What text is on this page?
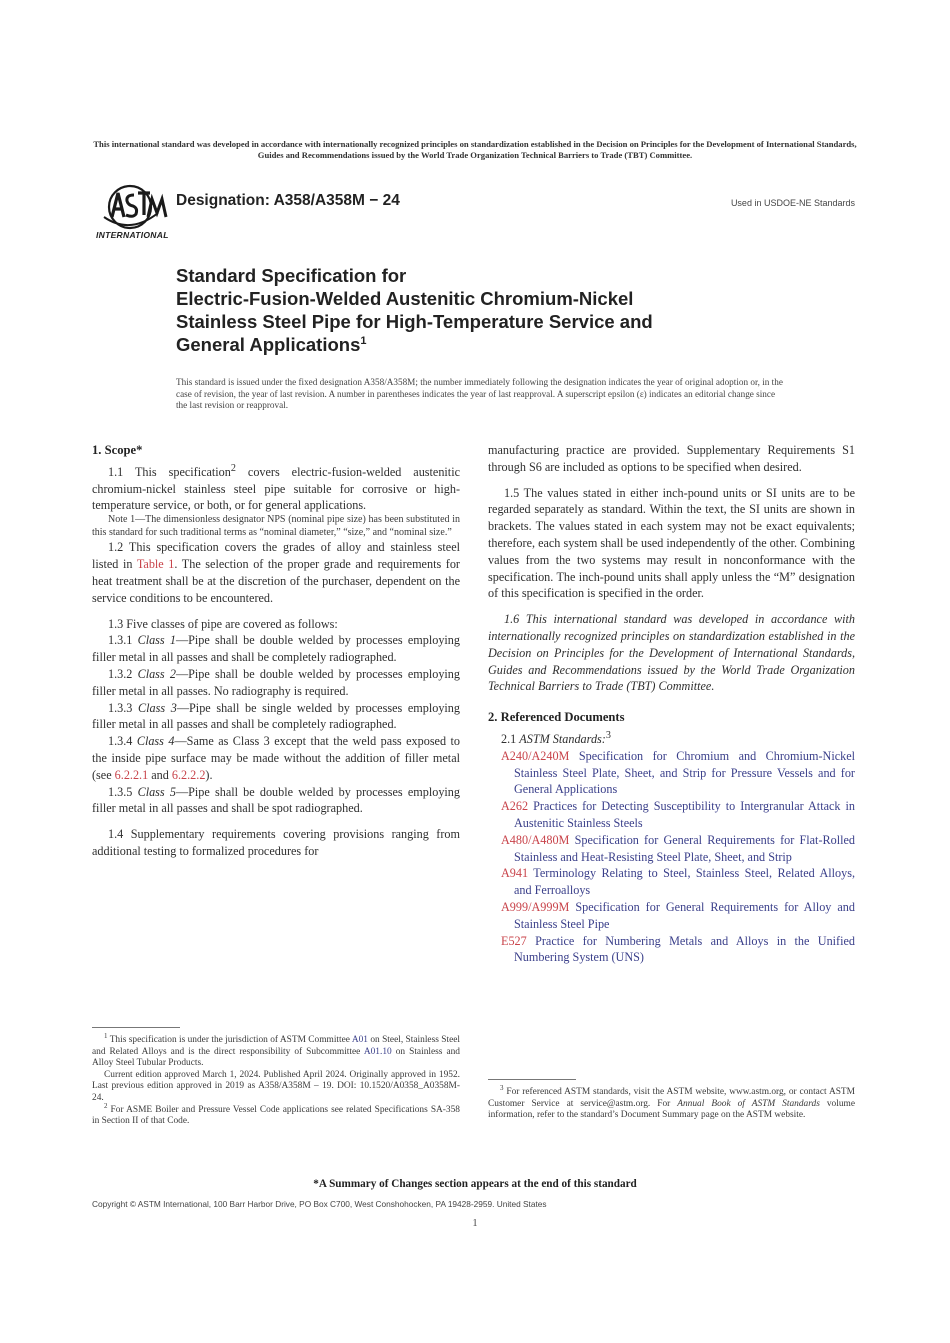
This international standard was developed in accordance with internationally recognized principles on standardization established in the Decision on Principles for the Development of International Standards, Guides and Recommendations issued by the World Trade Organization Technical Barriers to Trade (TBT) Committee.
INTERNATIONAL
Designation: A358/A358M − 24	Used in USDOE-NE Standards
Standard Specification for
Electric-Fusion-Welded Austenitic Chromium-Nickel
Stainless Steel Pipe for High-Temperature Service and
General Applications$^1$
This standard is issued under the fixed designation A358/A358M; the number immediately following the designation indicates the year of original adoption or, in the case of revision, the year of last revision. A number in parentheses indicates the year of last reapproval. A superscript epsilon (ε) indicates an editorial change since the last revision or reapproval.
1. Scope*

1.1 This specification$^2$ covers electric-fusion-welded austenitic chromium-nickel stainless steel pipe suitable for corrosive or high-temperature service, or both, or for general applications.

Note 1—The dimensionless designator NPS (nominal pipe size) has been substituted in this standard for such traditional terms as “nominal diameter,” “size,” and “nominal size.”

1.2 This specification covers the grades of alloy and stainless steel listed in Table 1. The selection of the proper grade and requirements for heat treatment shall be at the discretion of the purchaser, dependent on the service conditions to be encountered.

1.3 Five classes of pipe are covered as follows:

1.3.1 Class 1—Pipe shall be double welded by processes employing filler metal in all passes and shall be completely radiographed.

1.3.2 Class 2—Pipe shall be double welded by processes employing filler metal in all passes. No radiography is required.

1.3.3 Class 3—Pipe shall be single welded by processes employing filler metal in all passes and shall be completely radiographed.

1.3.4 Class 4—Same as Class 3 except that the weld pass exposed to the inside pipe surface may be made without the addition of filler metal (see 6.2.2.1 and 6.2.2.2).

1.3.5 Class 5—Pipe shall be double welded by processes employing filler metal in all passes and shall be spot radiographed.

1.4 Supplementary requirements covering provisions ranging from additional testing to formalized procedures for

manufacturing practice are provided. Supplementary Requirements S1 through S6 are included as options to be specified when desired.

1.5 The values stated in either inch-pound units or SI units are to be regarded separately as standard. Within the text, the SI units are shown in brackets. The values stated in each system may not be exact equivalents; therefore, each system shall be used independently of the other. Combining values from the two systems may result in nonconformance with the specification. The inch-pound units shall apply unless the “M” designation of this specification is specified in the order.

1.6 This international standard was developed in accordance with internationally recognized principles on standardization established in the Decision on Principles for the Development of International Standards, Guides and Recommendations issued by the World Trade Organization Technical Barriers to Trade (TBT) Committee.

2. Referenced Documents

2.1 ASTM Standards:$^3$

A240/A240M Specification for Chromium and Chromium-Nickel Stainless Steel Plate, Sheet, and Strip for Pressure Vessels and for General Applications

A262 Practices for Detecting Susceptibility to Intergranular Attack in Austenitic Stainless Steels

A480/A480M Specification for General Requirements for Flat-Rolled Stainless and Heat-Resisting Steel Plate, Sheet, and Strip

A941 Terminology Relating to Steel, Stainless Steel, Related Alloys, and Ferroalloys

A999/A999M Specification for General Requirements for Alloy and Stainless Steel Pipe

E527 Practice for Numbering Metals and Alloys in the Unified Numbering System (UNS)

$^1$ This specification is under the jurisdiction of ASTM Committee A01 on Steel, Stainless Steel and Related Alloys and is the direct responsibility of Subcommittee A01.10 on Stainless and Alloy Steel Tubular Products.

Current edition approved March 1, 2024. Published April 2024. Originally approved in 1952. Last previous edition approved in 2019 as A358/A358M – 19. DOI: 10.1520/A0358_A0358M-24.

$^2$ For ASME Boiler and Pressure Vessel Code applications see related Specifications SA-358 in Section II of that Code.

$^3$ For referenced ASTM standards, visit the ASTM website, www.astm.org, or contact ASTM Customer Service at service@astm.org. For Annual Book of ASTM Standards volume information, refer to the standard’s Document Summary page on the ASTM website.

*A Summary of Changes section appears at the end of this standard
Copyright © ASTM International, 100 Barr Harbor Drive, PO Box C700, West Conshohocken, PA 19428-2959. United States
1
